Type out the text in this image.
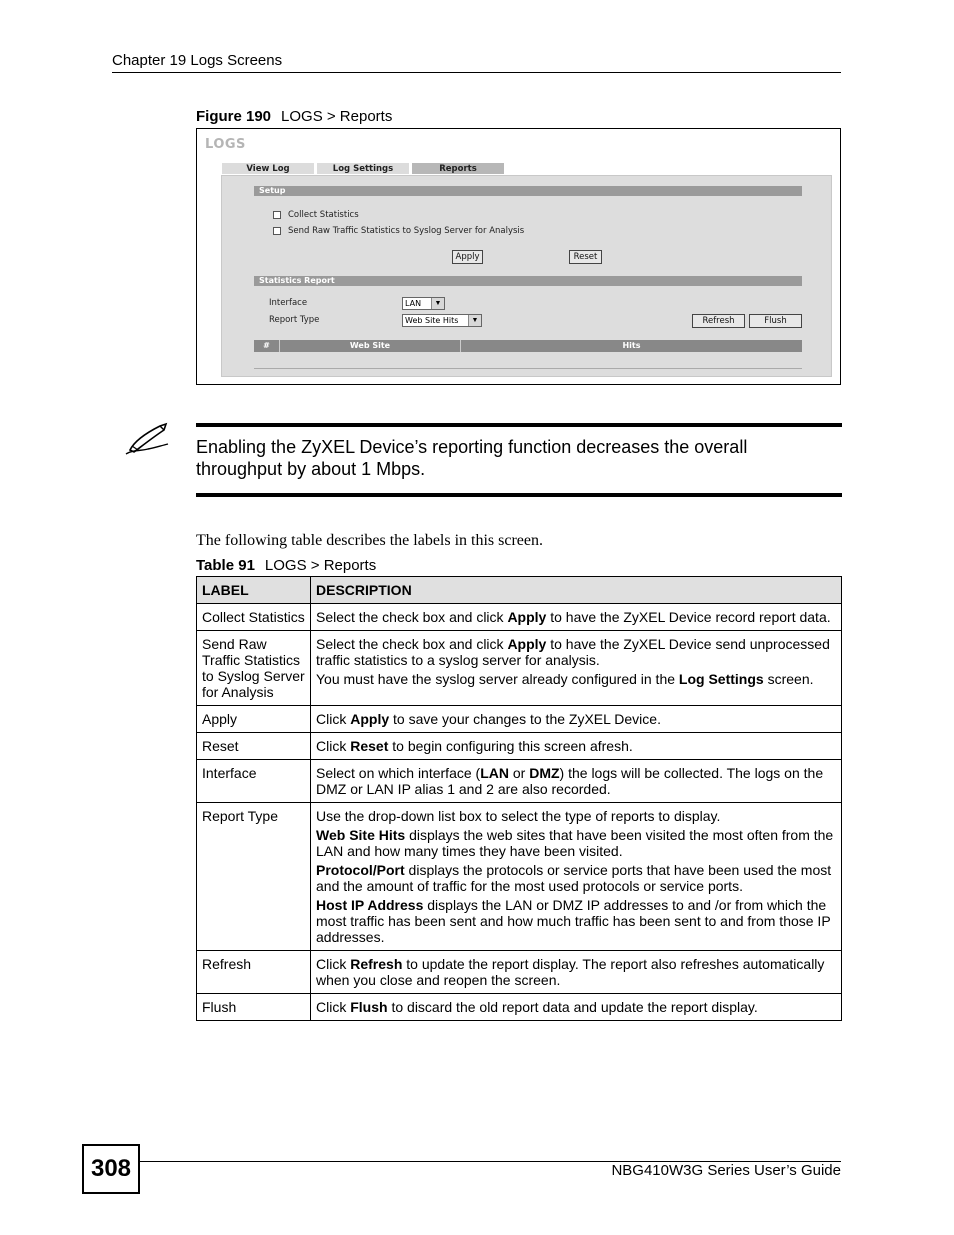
Chapter 19 Logs Screens
Figure 190 LOGS > Reports
LOGS
View Log	Log Settings	Reports
Setup
Collect Statistics
Send Raw Traffic Statistics to Syslog Server for Analysis
Apply	Reset
Statistics Report
Interface	LAN	▼
Report Type	Web Site Hits	▼	Refresh	Flush
#	Web Site	Hits
Enabling the ZyXEL Device’s reporting function decreases the overall
throughput by about 1 Mbps.
The following table describes the labels in this screen.
Table 91 LOGS > Reports
LABEL	DESCRIPTION
Collect Statistics	Select the check box and click Apply to have the ZyXEL Device record report data.
Send Raw Traffic Statistics to Syslog Server for Analysis	Select the check box and click Apply to have the ZyXEL Device send unprocessed traffic statistics to a syslog server for analysis.

You must have the syslog server already configured in the Log Settings screen.

Apply	Click Apply to save your changes to the ZyXEL Device.
Reset	Click Reset to begin configuring this screen afresh.
Interface	Select on which interface (LAN or DMZ) the logs will be collected. The logs on the DMZ or LAN IP alias 1 and 2 are also recorded.
Report Type	Use the drop-down list box to select the type of reports to display.

Web Site Hits displays the web sites that have been visited the most often from the LAN and how many times they have been visited.

Protocol/Port displays the protocols or service ports that have been used the most and the amount of traffic for the most used protocols or service ports.

Host IP Address displays the LAN or DMZ IP addresses to and /or from which the most traffic has been sent and how much traffic has been sent to and from those IP addresses.

Refresh	Click Refresh to update the report display. The report also refreshes automatically when you close and reopen the screen.
Flush	Click Flush to discard the old report data and update the report display.
308	NBG410W3G Series User’s Guide
